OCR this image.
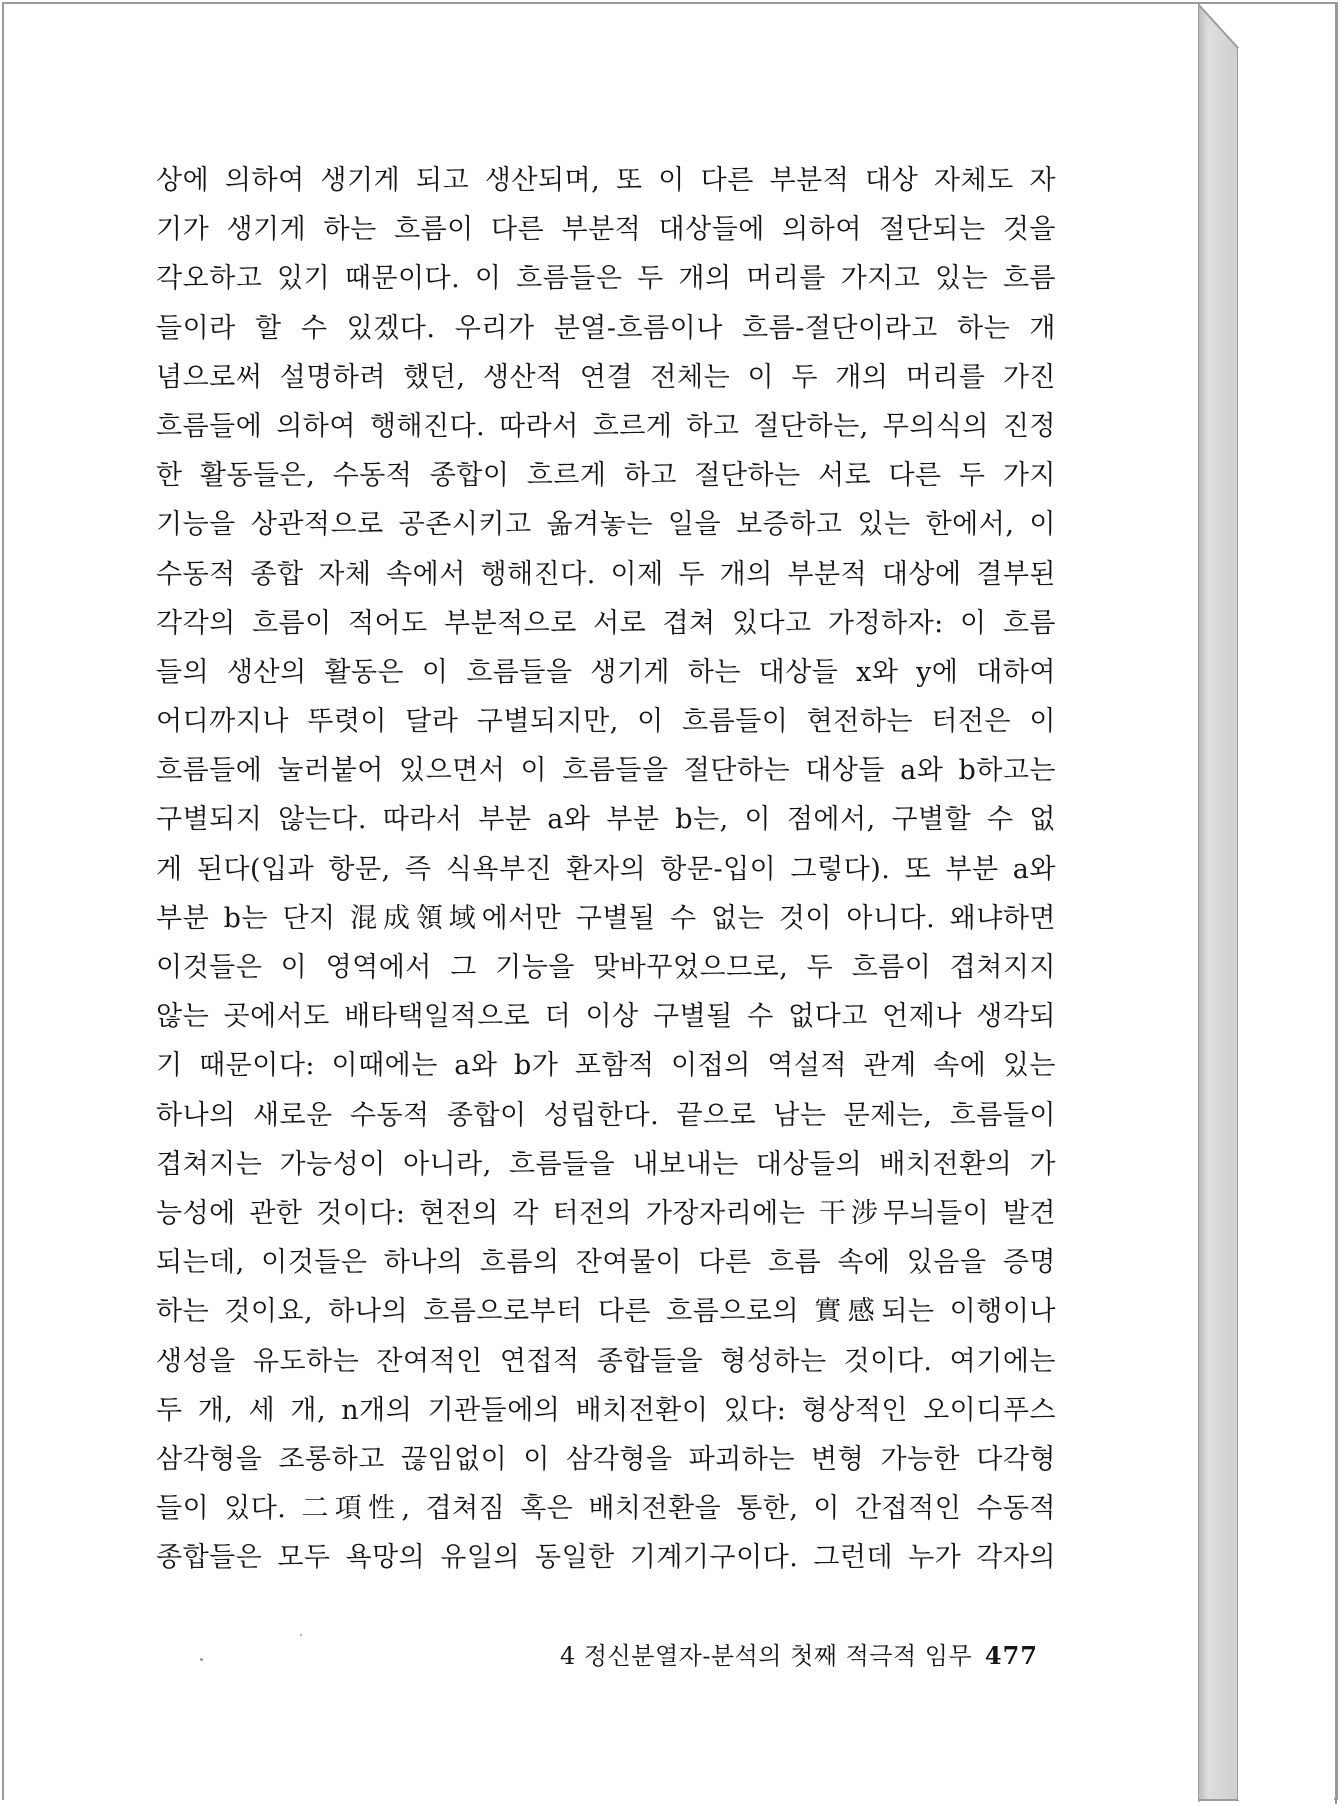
상에 의하여 생기게 되고 생산되며, 또 이 다른 부분적 대상 자체도 자
기가 생기게 하는 흐름이 다른 부분적 대상들에 의하여 절단되는 것을
각오하고 있기 때문이다. 이 흐름들은 두 개의 머리를 가지고 있는 흐름
들이라 할 수 있겠다. 우리가 분열-흐름이나 흐름-절단이라고 하는 개
념으로써 설명하려 했던, 생산적 연결 전체는 이 두 개의 머리를 가진
흐름들에 의하여 행해진다. 따라서 흐르게 하고 절단하는, 무의식의 진정
한 활동들은, 수동적 종합이 흐르게 하고 절단하는 서로 다른 두 가지
기능을 상관적으로 공존시키고 옮겨놓는 일을 보증하고 있는 한에서, 이
수동적 종합 자체 속에서 행해진다. 이제 두 개의 부분적 대상에 결부된
각각의 흐름이 적어도 부분적으로 서로 겹쳐 있다고 가정하자: 이 흐름
들의 생산의 활동은 이 흐름들을 생기게 하는 대상들 x와 y에 대하여
어디까지나 뚜렷이 달라 구별되지만, 이 흐름들이 현전하는 터전은 이
흐름들에 눌러붙어 있으면서 이 흐름들을 절단하는 대상들 a와 b하고는
구별되지 않는다. 따라서 부분 a와 부분 b는, 이 점에서, 구별할 수 없
게 된다(입과 항문, 즉 식욕부진 환자의 항문-입이 그렇다). 또 부분 a와
부분 b는 단지 混成領域에서만 구별될 수 없는 것이 아니다. 왜냐하면
이것들은 이 영역에서 그 기능을 맞바꾸었으므로, 두 흐름이 겹쳐지지
않는 곳에서도 배타택일적으로 더 이상 구별될 수 없다고 언제나 생각되
기 때문이다: 이때에는 a와 b가 포함적 이접의 역설적 관계 속에 있는
하나의 새로운 수동적 종합이 성립한다. 끝으로 남는 문제는, 흐름들이
겹쳐지는 가능성이 아니라, 흐름들을 내보내는 대상들의 배치전환의 가
능성에 관한 것이다: 현전의 각 터전의 가장자리에는 干涉무늬들이 발견
되는데, 이것들은 하나의 흐름의 잔여물이 다른 흐름 속에 있음을 증명
하는 것이요, 하나의 흐름으로부터 다른 흐름으로의 實感되는 이행이나
생성을 유도하는 잔여적인 연접적 종합들을 형성하는 것이다. 여기에는
두 개, 세 개, n개의 기관들에의 배치전환이 있다: 형상적인 오이디푸스
삼각형을 조롱하고 끊임없이 이 삼각형을 파괴하는 변형 가능한 다각형
들이 있다. 二項性, 겹쳐짐 혹은 배치전환을 통한, 이 간접적인 수동적
종합들은 모두 욕망의 유일의 동일한 기계기구이다. 그런데 누가 각자의
4 정신분열자-분석의 첫째 적극적 임무 477
